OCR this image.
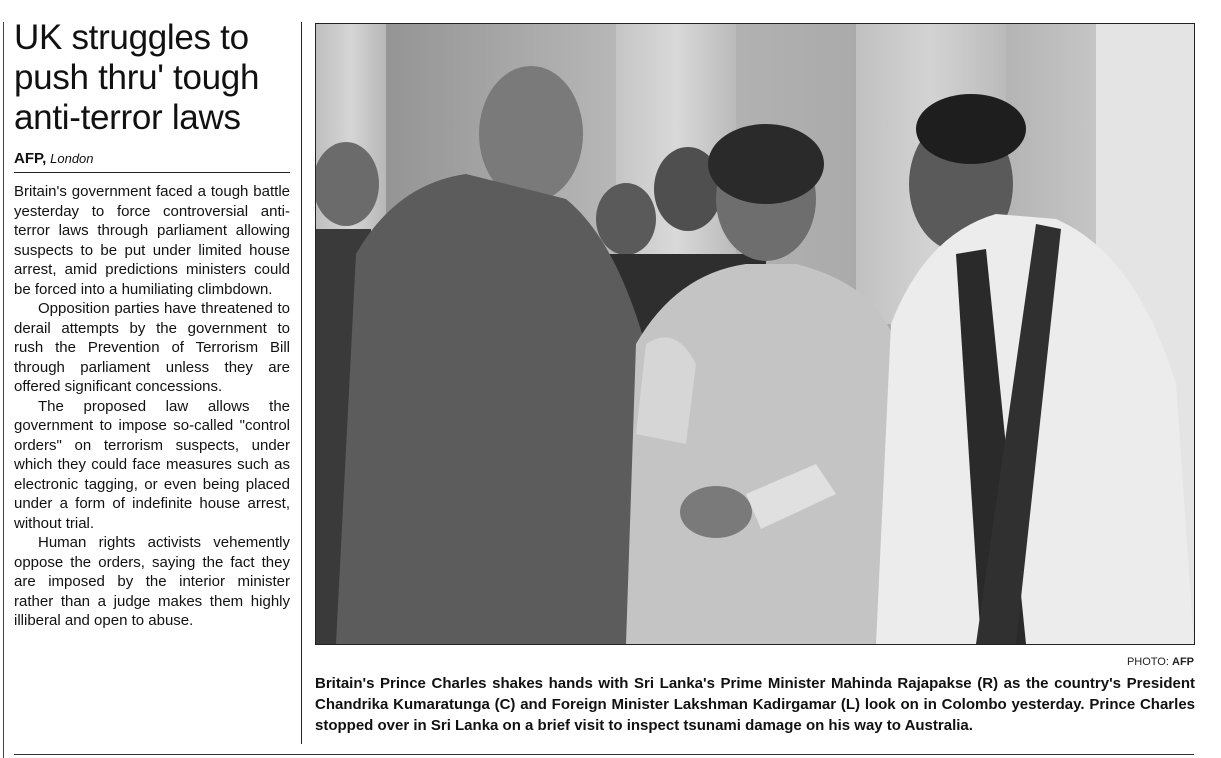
UK struggles to push thru' tough anti-terror laws
AFP, London

Britain's government faced a tough battle yesterday to force controversial anti-terror laws through parliament allowing suspects to be put under limited house arrest, amid predictions ministers could be forced into a humiliating climbdown.

Opposition parties have threatened to derail attempts by the government to rush the Prevention of Terrorism Bill through parliament unless they are offered significant concessions.

The proposed law allows the government to impose so-called "control orders" on terrorism suspects, under which they could face measures such as electronic tagging, or even being placed under a form of indefinite house arrest, without trial.

Human rights activists vehemently oppose the orders, saying the fact they are imposed by the interior minister rather than a judge makes them highly illiberal and open to abuse.

PHOTO: AFP
Britain's Prince Charles shakes hands with Sri Lanka's Prime Minister Mahinda Rajapakse (R) as the country's President Chandrika Kumaratunga (C) and Foreign Minister Lakshman Kadirgamar (L) look on in Colombo yesterday. Prince Charles stopped over in Sri Lanka on a brief visit to inspect tsunami damage on his way to Australia.
